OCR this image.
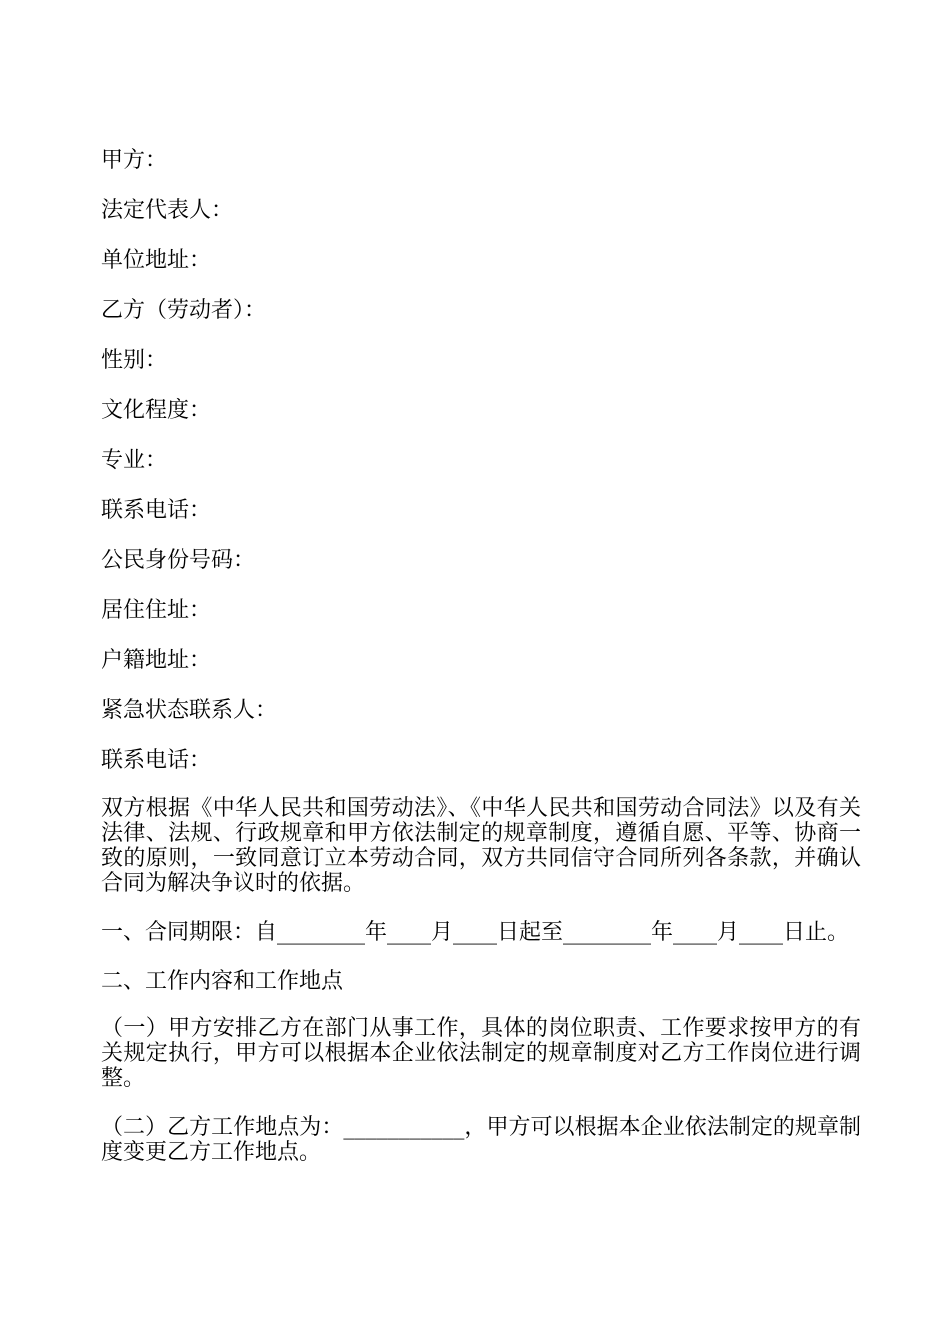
甲方：
法定代表人：
单位地址：
乙方（劳动者）：
性别：
文化程度：
专业：
联系电话：
公民身份号码：
居住住址：
户籍地址：
紧急状态联系人：
联系电话：

双方根据《中华人民共和国劳动法》、《中华人民共和国劳动合同法》以及有关法律、法规、行政规章和甲方依法制定的规章制度，遵循自愿、平等、协商一致的原则，一致同意订立本劳动合同，双方共同信守合同所列各条款，并确认合同为解决争议时的依据。

一、合同期限：自________年____月____日起至________年____月____日止。

二、工作内容和工作地点

（一）甲方安排乙方在部门从事工作，具体的岗位职责、工作要求按甲方的有关规定执行，甲方可以根据本企业依法制定的规章制度对乙方工作岗位进行调整。

（二）乙方工作地点为：___________，甲方可以根据本企业依法制定的规章制度变更乙方工作地点。
